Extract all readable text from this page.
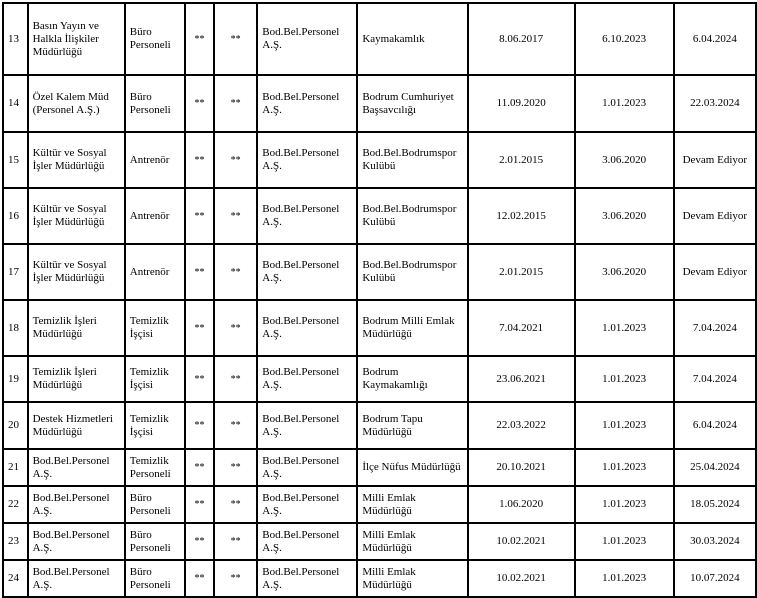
13	Basın Yayın ve
Halkla İlişkiler
Müdürlüğü	Büro
Personeli	**	**	Bod.Bel.Personel
A.Ş.	Kaymakamlık	8.06.2017	6.10.2023	6.04.2024

14	Özel Kalem Müd
(Personel A.Ş.)	Büro
Personeli	**	**	Bod.Bel.Personel
A.Ş.	Bodrum Cumhuriyet
Başsavcılığı	11.09.2020	1.01.2023	22.03.2024

15	Kültür ve Sosyal
İşler Müdürlüğü	Antrenör	**	**	Bod.Bel.Personel
A.Ş.	Bod.Bel.Bodrumspor
Kulübü	2.01.2015	3.06.2020	Devam Ediyor

16	Kültür ve Sosyal
İşler Müdürlüğü	Antrenör	**	**	Bod.Bel.Personel
A.Ş.	Bod.Bel.Bodrumspor
Kulübü	12.02.2015	3.06.2020	Devam Ediyor

17	Kültür ve Sosyal
İşler Müdürlüğü	Antrenör	**	**	Bod.Bel.Personel
A.Ş.	Bod.Bel.Bodrumspor
Kulübü	2.01.2015	3.06.2020	Devam Ediyor

18	Temizlik İşleri
Müdürlüğü	Temizlik
İşçisi	**	**	Bod.Bel.Personel
A.Ş.	Bodrum Milli Emlak
Müdürlüğü	7.04.2021	1.01.2023	7.04.2024

19	Temizlik İşleri
Müdürlüğü	Temizlik
İşçisi	**	**	Bod.Bel.Personel
A.Ş.	Bodrum
Kaymakamlığı	23.06.2021	1.01.2023	7.04.2024

20	Destek Hizmetleri
Müdürlüğü	Temizlik
İşçisi	**	**	Bod.Bel.Personel
A.Ş.	Bodrum Tapu
Müdürlüğü	22.03.2022	1.01.2023	6.04.2024

21	Bod.Bel.Personel
A.Ş.	Temizlik
Personeli	**	**	Bod.Bel.Personel
A.Ş.	İlçe Nüfus Müdürlüğü	20.10.2021	1.01.2023	25.04.2024

22	Bod.Bel.Personel
A.Ş.	Büro
Personeli	**	**	Bod.Bel.Personel
A.Ş.	Milli Emlak
Müdürlüğü	1.06.2020	1.01.2023	18.05.2024

23	Bod.Bel.Personel
A.Ş.	Büro
Personeli	**	**	Bod.Bel.Personel
A.Ş.	Milli Emlak
Müdürlüğü	10.02.2021	1.01.2023	30.03.2024

24	Bod.Bel.Personel
A.Ş.	Büro
Personeli	**	**	Bod.Bel.Personel
A.Ş.	Milli Emlak
Müdürlüğü	10.02.2021	1.01.2023	10.07.2024
